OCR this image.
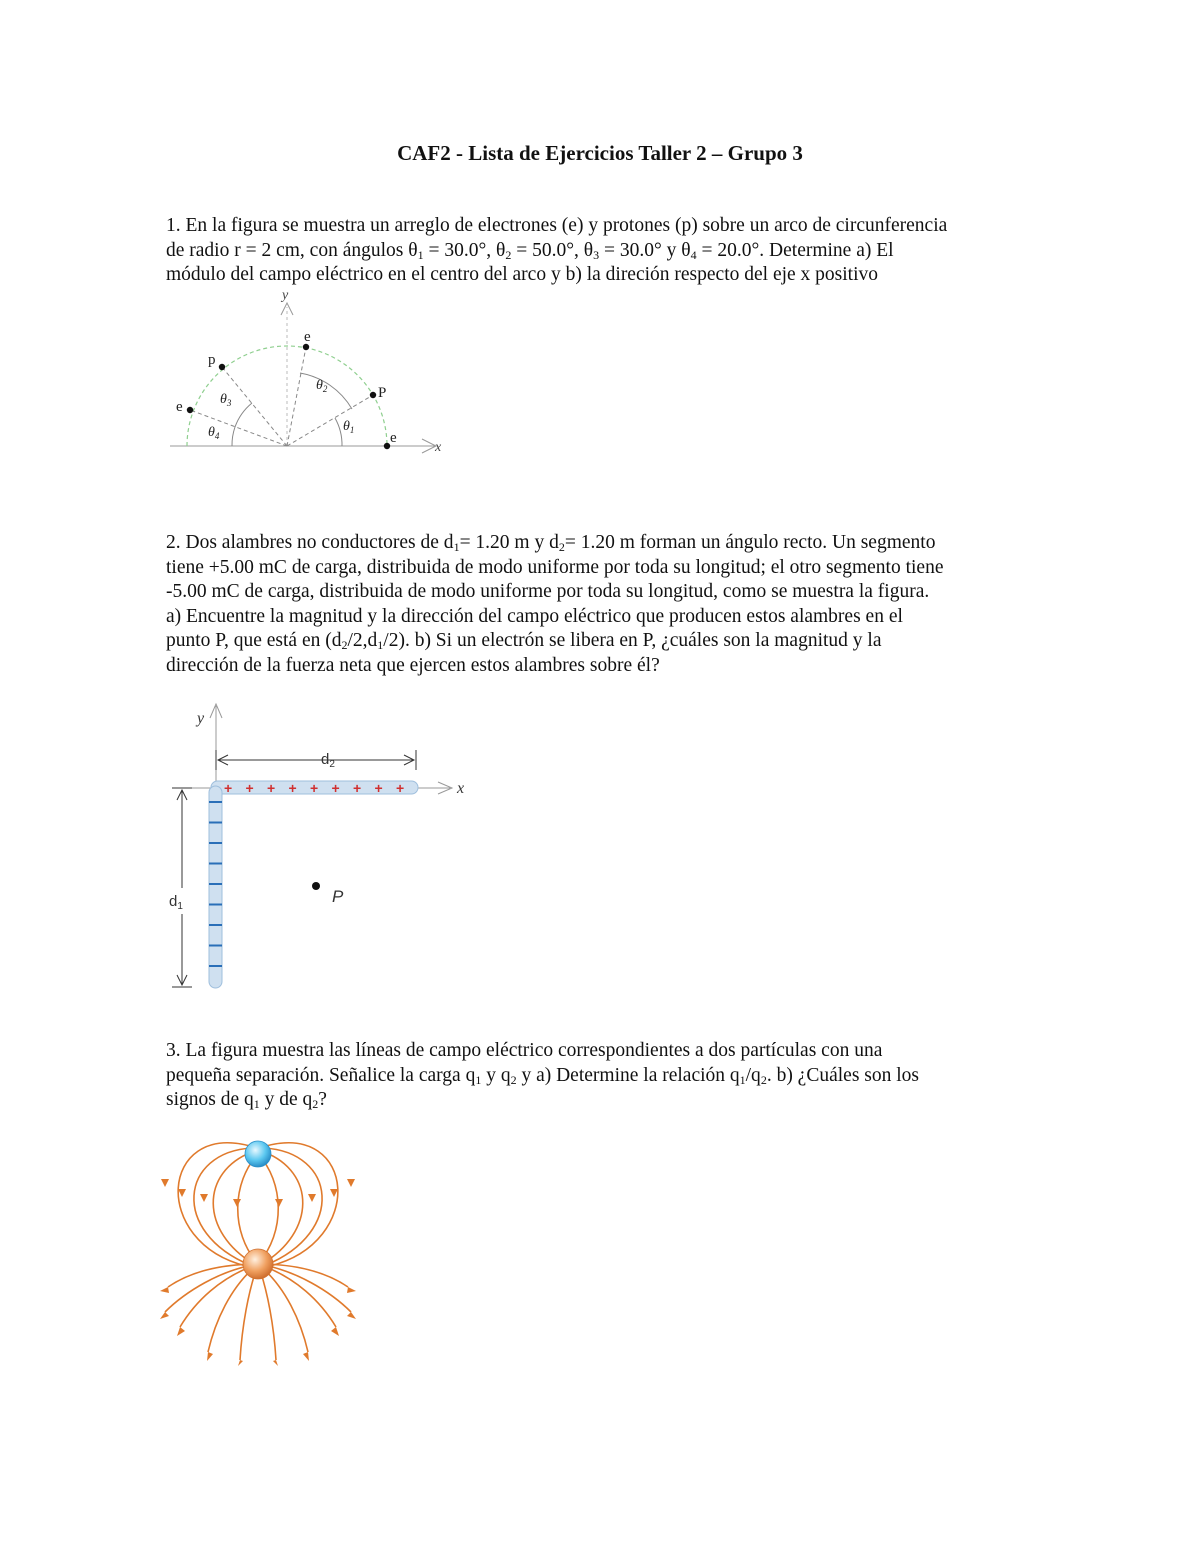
CAF2 - Lista de Ejercicios Taller 2 – Grupo 3

1. En la figura se muestra un arreglo de electrones (e) y protones (p) sobre un arco de circunferencia

de radio r = 2 cm, con ángulos $\theta_1 = 30.0^\circ$, $\theta_2 = 50.0^\circ$, $\theta_3 = 30.0^\circ$ y $\theta_4 = 20.0^\circ$. Determine a) El

módulo del campo eléctrico en el centro del arco y b) la direción respecto del eje x positivo

x
y
$\theta_1$
$\theta_2$
$\theta_3$
$\theta_4$
e
P
e
p
e

2. Dos alambres no conductores de $d_1= 1.20$ m y $d_2= 1.20$ m forman un ángulo recto. Un segmento

tiene +5.00 mC de carga, distribuida de modo uniforme por toda su longitud; el otro segmento tiene

-5.00 mC de carga, distribuida de modo uniforme por toda su longitud, como se muestra la figura.

a) Encuentre la magnitud y la dirección del campo eléctrico que producen estos alambres en el

punto P, que está en $(d_2/2,d_1/2)$. b) Si un electrón se libera en P, ¿cuáles son la magnitud y la

dirección de la fuerza neta que ejercen estos alambres sobre él?

y
x
$d_2$
$d_1$
+ + + + + + + + +
P

3. La figura muestra las líneas de campo eléctrico correspondientes a dos partículas con una

pequeña separación. Señalice la carga $q_1$ y $q_2$ y a) Determine la relación $q_1/q_2$. b) ¿Cuáles son los

signos de $q_1$ y de $q_2$?
